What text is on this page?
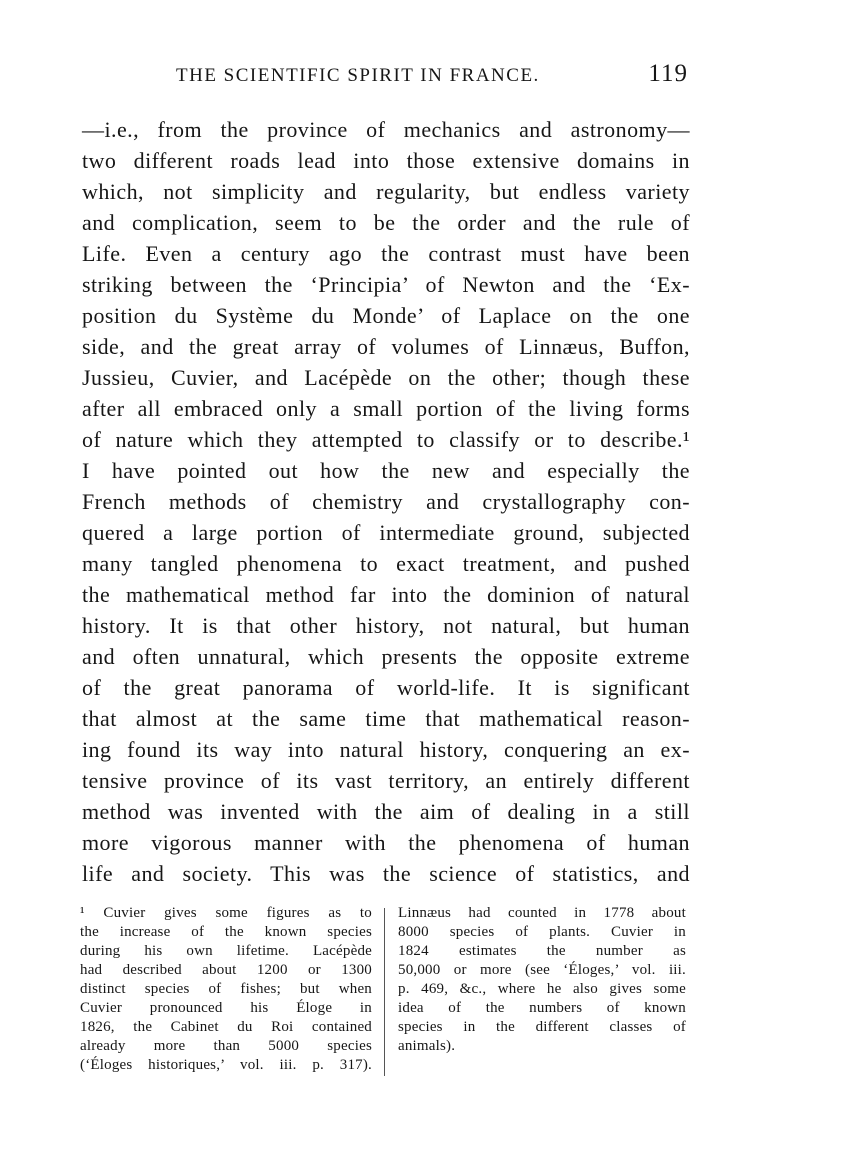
THE SCIENTIFIC SPIRIT IN FRANCE.	119
—i.e., from the province of mechanics and astronomy—
two different roads lead into those extensive domains in
which, not simplicity and regularity, but endless variety
and complication, seem to be the order and the rule of
Life. Even a century ago the contrast must have been
striking between the ‘Principia’ of Newton and the ‘Ex-
position du Système du Monde’ of Laplace on the one
side, and the great array of volumes of Linnæus, Buffon,
Jussieu, Cuvier, and Lacépède on the other; though these
after all embraced only a small portion of the living forms
of nature which they attempted to classify or to describe.¹
I have pointed out how the new and especially the
French methods of chemistry and crystallography con-
quered a large portion of intermediate ground, subjected
many tangled phenomena to exact treatment, and pushed
the mathematical method far into the dominion of natural
history. It is that other history, not natural, but human
and often unnatural, which presents the opposite extreme
of the great panorama of world-life. It is significant
that almost at the same time that mathematical reason-
ing found its way into natural history, conquering an ex-
tensive province of its vast territory, an entirely different
method was invented with the aim of dealing in a still
more vigorous manner with the phenomena of human
life and society. This was the science of statistics, and
¹ Cuvier gives some figures as to
the increase of the known species
during his own lifetime. Lacépède
had described about 1200 or 1300
distinct species of fishes; but when
Cuvier pronounced his Éloge in
1826, the Cabinet du Roi contained
already more than 5000 species
(‘Éloges historiques,’ vol. iii. p. 317).
Linnæus had counted in 1778 about
8000 species of plants. Cuvier in
1824 estimates the number as
50,000 or more (see ‘Éloges,’ vol. iii.
p. 469, &c., where he also gives some
idea of the numbers of known
species in the different classes of
animals).
